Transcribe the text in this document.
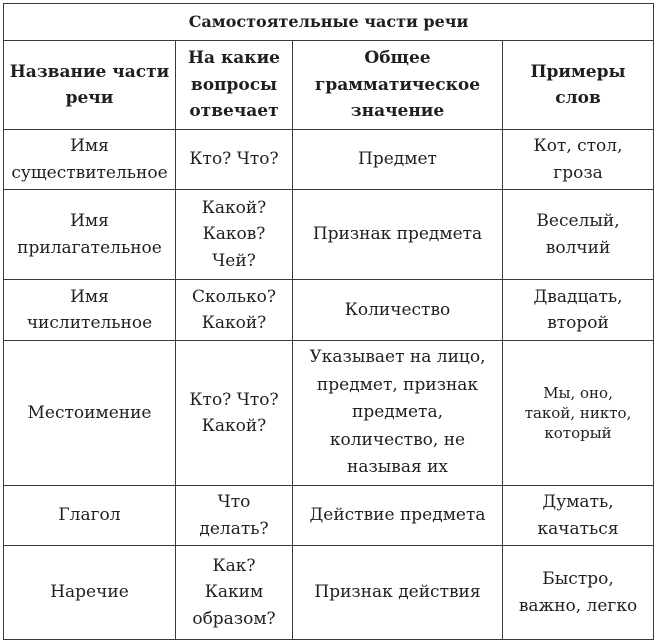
Самостоятельные части речи			

Название части
речи	На какие
вопросы
отвечает	Общее
грамматическое
значение	Примеры
слов

Имя
существительное	Кто? Что?	Предмет	Кот, стол,
гроза

Имя
прилагательное	Какой?
Каков?
Чей?	Признак предмета	Веселый,
волчий

Имя
числительное	Сколько?
Какой?	Количество	Двадцать,
второй

Местоимение	Кто? Что?
Какой?	Указывает на лицо,
предмет, признак
предмета,
количество, не
называя их	Мы, оно,
такой, никто,
который

Глагол	Что
делать?	Действие предмета	Думать,
качаться

Наречие	Как?
Каким
образом?	Признак действия	Быстро,
важно, легко
